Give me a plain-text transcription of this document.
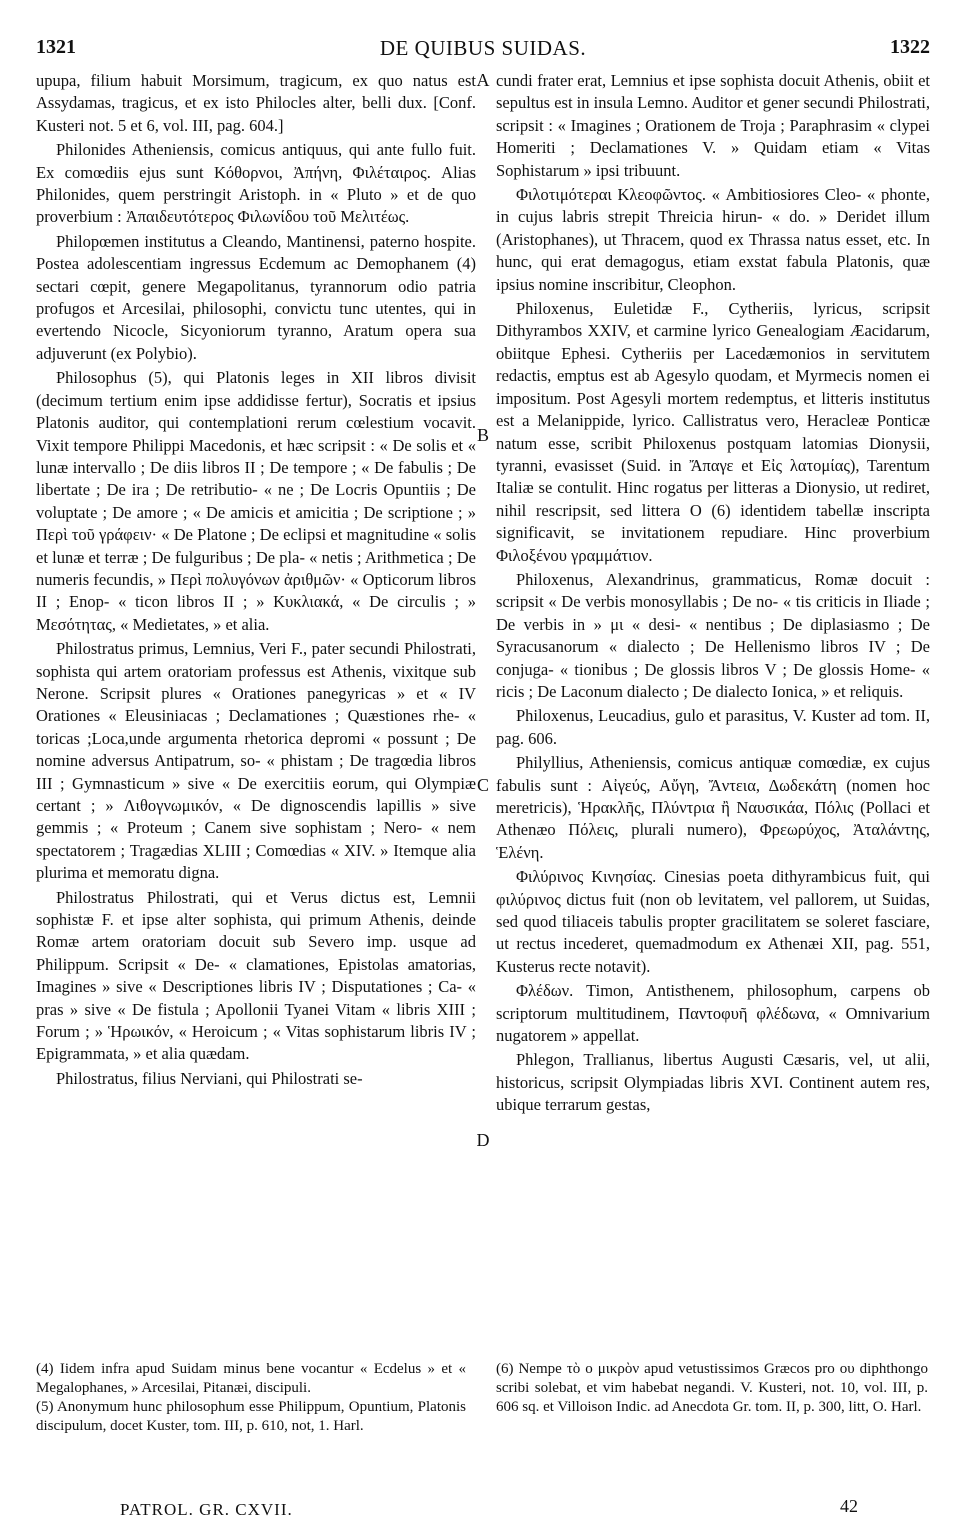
1321	DE QUIBUS SUIDAS.	1322

upupa, filium habuit Morsimum, tragicum, ex quo natus est Assydamas, tragicus, et ex isto Philocles alter, belli dux. [Conf. Kusteri not. 5 et 6, vol. III, pag. 604.]

Philonides Atheniensis, comicus antiquus, qui ante fullo fuit. Ex comœdiis ejus sunt Κόθορνοι, Ἀπήνη, Φιλέταιρος. Alias Philonides, quem perstringit Aristoph. in « Pluto » et de quo proverbium : Ἀπαιδευτότερος Φιλωνίδου τοῦ Μελιτέως.

Philopœmen institutus a Cleando, Mantinensi, paterno hospite. Postea adolescentiam ingressus Ecdemum ac Demophanem (4) sectari cœpit, genere Megapolitanus, tyrannorum odio patria profugos et Arcesilai, philosophi, convictu tunc utentes, qui in evertendo Nicocle, Sicyoniorum tyranno, Aratum opera sua adjuverunt (ex Polybio).

Philosophus (5), qui Platonis leges in XII libros divisit (decimum tertium enim ipse addidisse fertur), Socratis et ipsius Platonis auditor, qui contemplationi rerum cœlestium vocavit. Vixit tempore Philippi Macedonis, et hæc scripsit : « De solis et « lunæ intervallo ; De diis libros II ; De tempore ; « De fabulis ; De libertate ; De ira ; De retributio- « ne ; De Locris Opuntiis ; De voluptate ; De amore ; « De amicis et amicitia ; De scriptione ; » Περὶ τοῦ γράφειν· « De Platone ; De eclipsi et magnitudine « solis et lunæ et terræ ; De fulguribus ; De pla- « netis ; Arithmetica ; De numeris fecundis, » Περὶ πολυγόνων ἀριθμῶν· « Opticorum libros II ; Enop- « ticon libros II ; » Κυκλιακά, « De circulis ; » Μεσότητας, « Medietates, » et alia.

Philostratus primus, Lemnius, Veri F., pater secundi Philostrati, sophista qui artem oratoriam professus est Athenis, vixitque sub Nerone. Scripsit plures « Orationes panegyricas » et « IV Orationes « Eleusiniacas ; Declamationes ; Quæstiones rhe- « toricas ;Loca,unde argumenta rhetorica depromi « possunt ; De nomine adversus Antipatrum, so- « phistam ; De tragœdia libros III ; Gymnasticum » sive « De exercitiis eorum, qui Olympiæ certant ; » Λιθογνωμικόν, « De dignoscendis lapillis » sive gemmis ; « Proteum ; Canem sive sophistam ; Nero- « nem spectatorem ; Tragædias XLIII ; Comœdias « XIV. » Itemque alia plurima et memoratu digna.

Philostratus Philostrati, qui et Verus dictus est, Lemnii sophistæ F. et ipse alter sophista, qui primum Athenis, deinde Romæ artem oratoriam docuit sub Severo imp. usque ad Philippum. Scripsit « De- « clamationes, Epistolas amatorias, Imagines » sive « Descriptiones libris IV ; Disputationes ; Ca- « pras » sive « De fistula ; Apollonii Tyanei Vitam « libris XIII ; Forum ; » Ἡρωικόν, « Heroicum ; « Vitas sophistarum libris IV ; Epigrammata, » et alia quædam.

Philostratus, filius Nerviani, qui Philostrati se-

A
B
C
D

cundi frater erat, Lemnius et ipse sophista docuit Athenis, obiit et sepultus est in insula Lemno. Auditor et gener secundi Philostrati, scripsit : « Imagines ; Orationem de Troja ; Paraphrasim « clypei Homeriti ; Declamationes V. » Quidam etiam « Vitas Sophistarum » ipsi tribuunt.

Φιλοτιμότεραι Κλεοφῶντος. « Ambitiosiores Cleo- « phonte, in cujus labris strepit Threicia hirun- « do. » Deridet illum (Aristophanes), ut Thracem, quod ex Thrassa natus esset, etc. In hunc, qui erat demagogus, etiam exstat fabula Platonis, quæ ipsius nomine inscribitur, Cleophon.

Philoxenus, Euletidæ F., Cytheriis, lyricus, scripsit Dithyrambos XXIV, et carmine lyrico Genealogiam Æacidarum, obiitque Ephesi. Cytheriis per Lacedæmonios in servitutem redactis, emptus est ab Agesylo quodam, et Myrmecis nomen ei impositum. Post Agesyli mortem redemptus, et litteris institutus est a Melanippide, lyrico. Callistratus vero, Heracleæ Ponticæ natum esse, scribit Philoxenus postquam latomias Dionysii, tyranni, evasisset (Suid. in Ἄπαγε et Εἰς λατομίας), Tarentum Italiæ se contulit. Hinc rogatus per litteras a Dionysio, ut rediret, nihil rescripsit, sed littera O (6) identidem tabellæ inscripta significavit, se invitationem repudiare. Hinc proverbium Φιλοξένου γραμμάτιον.

Philoxenus, Alexandrinus, grammaticus, Romæ docuit : scripsit « De verbis monosyllabis ; De no- « tis criticis in Iliade ; De verbis in » μι « desi- « nentibus ; De diplasiasmo ; De Syracusanorum « dialecto ; De Hellenismo libros IV ; De conjuga- « tionibus ; De glossis libros V ; De glossis Home- « ricis ; De Laconum dialecto ; De dialecto Ionica, » et reliquis.

Philoxenus, Leucadius, gulo et parasitus, V. Kuster ad tom. II, pag. 606.

Philyllius, Atheniensis, comicus antiquæ comœdiæ, ex cujus fabulis sunt : Αἰγεύς, Αὔγη, Ἄντεια, Δωδεκάτη (nomen hoc meretricis), Ἡρακλῆς, Πλύντρια ἢ Ναυσικάα, Πόλις (Pollaci et Athenæo Πόλεις, plurali numero), Φρεωρύχος, Ἀταλάντης, Ἑλένη.

Φιλύρινος Κινησίας. Cinesias poeta dithyrambicus fuit, qui φιλύρινος dictus fuit (non ob levitatem, vel pallorem, ut Suidas, sed quod tiliaceis tabulis propter gracilitatem se soleret fasciare, ut rectus incederet, quemadmodum ex Athenæi XII, pag. 551, Kusterus recte notavit).

Φλέδων. Timon, Antisthenem, philosophum, carpens ob scriptorum multitudinem, Παντοφυῆ φλέδωνα, « Omnivarium nugatorem » appellat.

Phlegon, Trallianus, libertus Augusti Cæsaris, vel, ut alii, historicus, scripsit Olympiadas libris XVI. Continent autem res, ubique terrarum gestas,

(4) Iidem infra apud Suidam minus bene vocantur « Ecdelus » et « Megalophanes, » Arcesilai, Pitanæi, discipuli.

(5) Anonymum hunc philosophum esse Philippum, Opuntium, Platonis discipulum, docet Kuster, tom. III, p. 610, not, 1. Harl.

(6) Nempe τὸ o μικρὸν apud vetustissimos Græcos pro ου diphthongo scribi solebat, et vim habebat negandi. V. Kusteri, not. 10, vol. III, p. 606 sq. et Villoison Indic. ad Anecdota Gr. tom. II, p. 300, litt, O. Harl.

PATROL. GR. CXVII.	42
